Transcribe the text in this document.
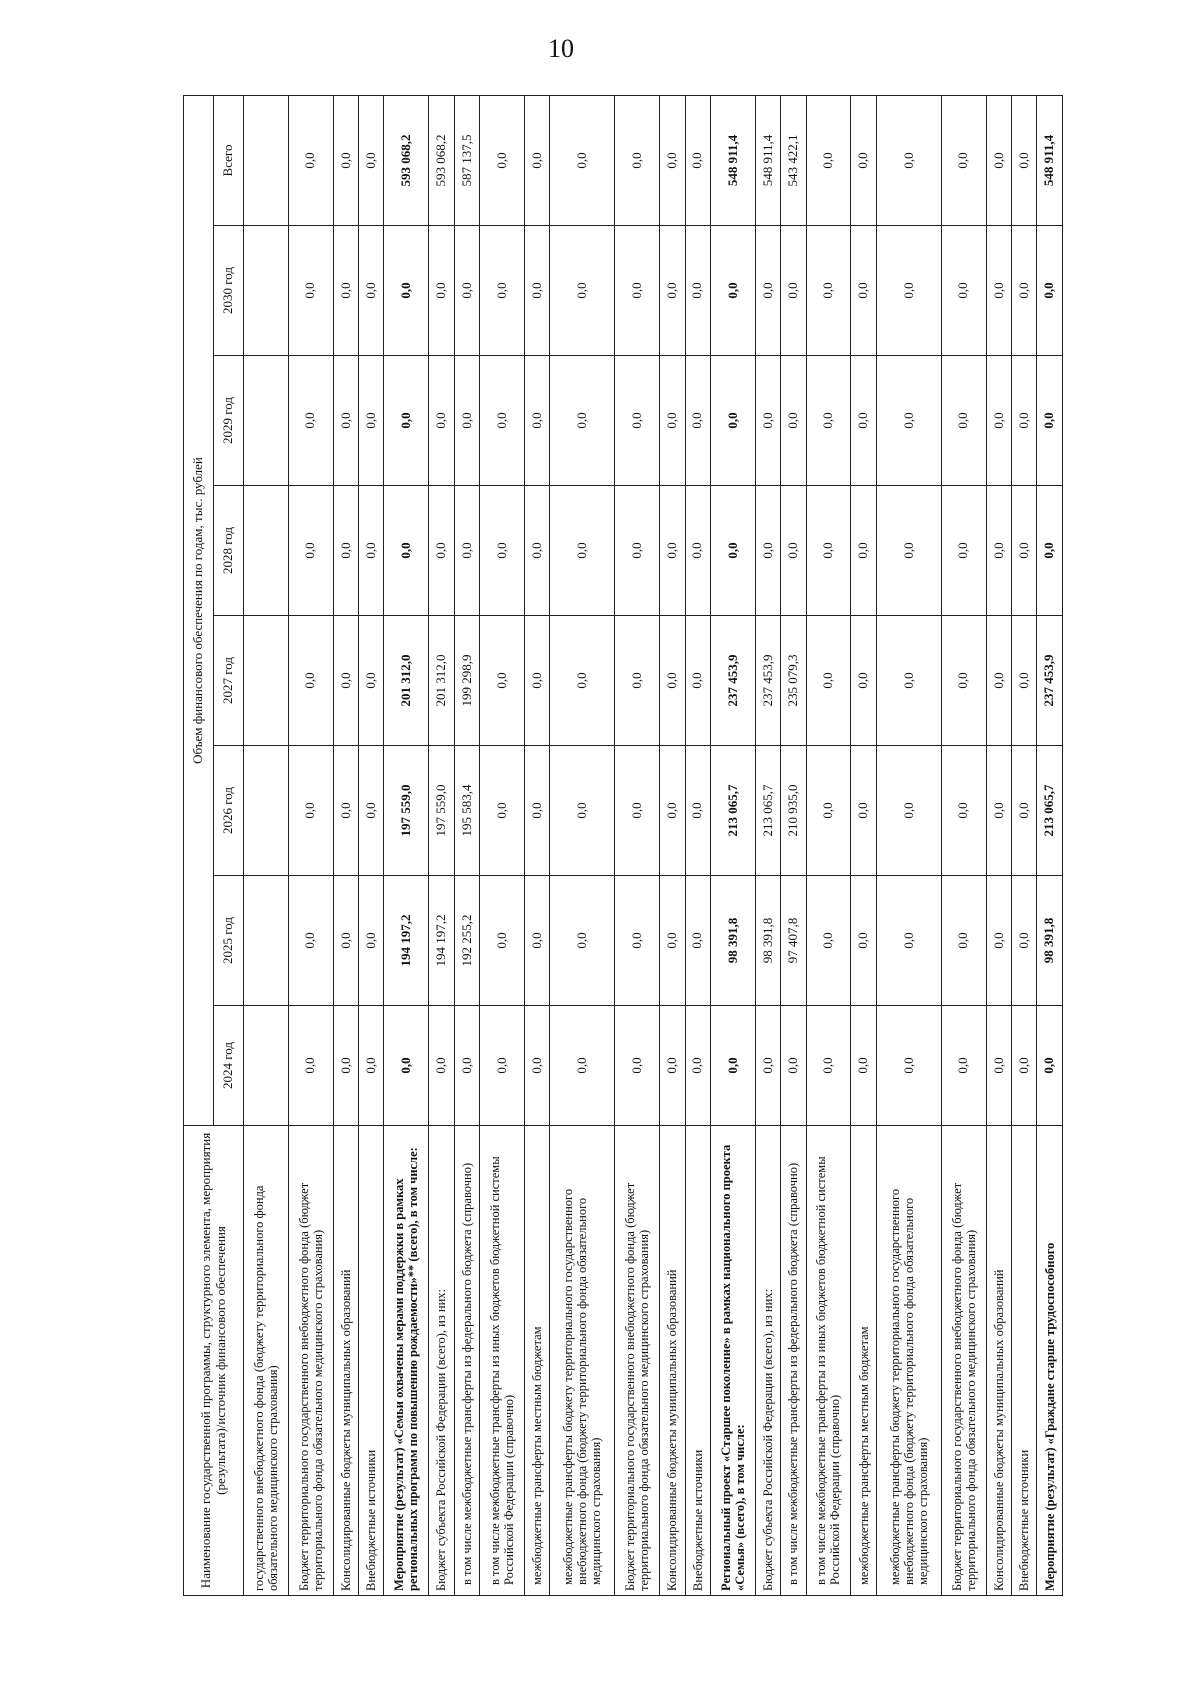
10
Наименование государственной программы, структурного элемента, мероприятия (результата)/источник финансового обеспечения	Объем финансового обеспечения по годам, тыс. рублей							
	2024 год	2025 год	2026 год	2027 год	2028 год	2029 год	2030 год	Всего
государственного внебюджетного фонда (бюджету территориального фонда обязательного медицинского страхования)								
Бюджет территориального государственного внебюджетного фонда (бюджет территориального фонда обязательного медицинского страхования)	0,0	0,0	0,0	0,0	0,0	0,0	0,0	0,0
Консолидированные бюджеты муниципальных образований	0,0	0,0	0,0	0,0	0,0	0,0	0,0	0,0
Внебюджетные источники	0,0	0,0	0,0	0,0	0,0	0,0	0,0	0,0
Мероприятие (результат) «Семьи охвачены мерами поддержки в рамках региональных программ по повышению рождаемости»** (всего), в том числе:	0,0	194 197,2	197 559,0	201 312,0	0,0	0,0	0,0	593 068,2
Бюджет субъекта Российской Федерации (всего), из них:	0,0	194 197,2	197 559,0	201 312,0	0,0	0,0	0,0	593 068,2
в том числе межбюджетные трансферты из федерального бюджета (справочно)	0,0	192 255,2	195 583,4	199 298,9	0,0	0,0	0,0	587 137,5
в том числе межбюджетные трансферты из иных бюджетов бюджетной системы Российской Федерации (справочно)	0,0	0,0	0,0	0,0	0,0	0,0	0,0	0,0
межбюджетные трансферты местным бюджетам	0,0	0,0	0,0	0,0	0,0	0,0	0,0	0,0
межбюджетные трансферты бюджету территориального государственного внебюджетного фонда (бюджету территориального фонда обязательного медицинского страхования)	0,0	0,0	0,0	0,0	0,0	0,0	0,0	0,0
Бюджет территориального государственного внебюджетного фонда (бюджет территориального фонда обязательного медицинского страхования)	0,0	0,0	0,0	0,0	0,0	0,0	0,0	0,0
Консолидированные бюджеты муниципальных образований	0,0	0,0	0,0	0,0	0,0	0,0	0,0	0,0
Внебюджетные источники	0,0	0,0	0,0	0,0	0,0	0,0	0,0	0,0
Региональный проект «Старшее поколение» в рамках национального проекта «Семья» (всего), в том числе:	0,0	98 391,8	213 065,7	237 453,9	0,0	0,0	0,0	548 911,4
Бюджет субъекта Российской Федерации (всего), из них:	0,0	98 391,8	213 065,7	237 453,9	0,0	0,0	0,0	548 911,4
в том числе межбюджетные трансферты из федерального бюджета (справочно)	0,0	97 407,8	210 935,0	235 079,3	0,0	0,0	0,0	543 422,1
в том числе межбюджетные трансферты из иных бюджетов бюджетной системы Российской Федерации (справочно)	0,0	0,0	0,0	0,0	0,0	0,0	0,0	0,0
межбюджетные трансферты местным бюджетам	0,0	0,0	0,0	0,0	0,0	0,0	0,0	0,0
межбюджетные трансферты бюджету территориального государственного внебюджетного фонда (бюджету территориального фонда обязательного медицинского страхования)	0,0	0,0	0,0	0,0	0,0	0,0	0,0	0,0
Бюджет территориального государственного внебюджетного фонда (бюджет территориального фонда обязательного медицинского страхования)	0,0	0,0	0,0	0,0	0,0	0,0	0,0	0,0
Консолидированные бюджеты муниципальных образований	0,0	0,0	0,0	0,0	0,0	0,0	0,0	0,0
Внебюджетные источники	0,0	0,0	0,0	0,0	0,0	0,0	0,0	0,0
Мероприятие (результат) «Граждане старше трудоспособного	0,0	98 391,8	213 065,7	237 453,9	0,0	0,0	0,0	548 911,4
